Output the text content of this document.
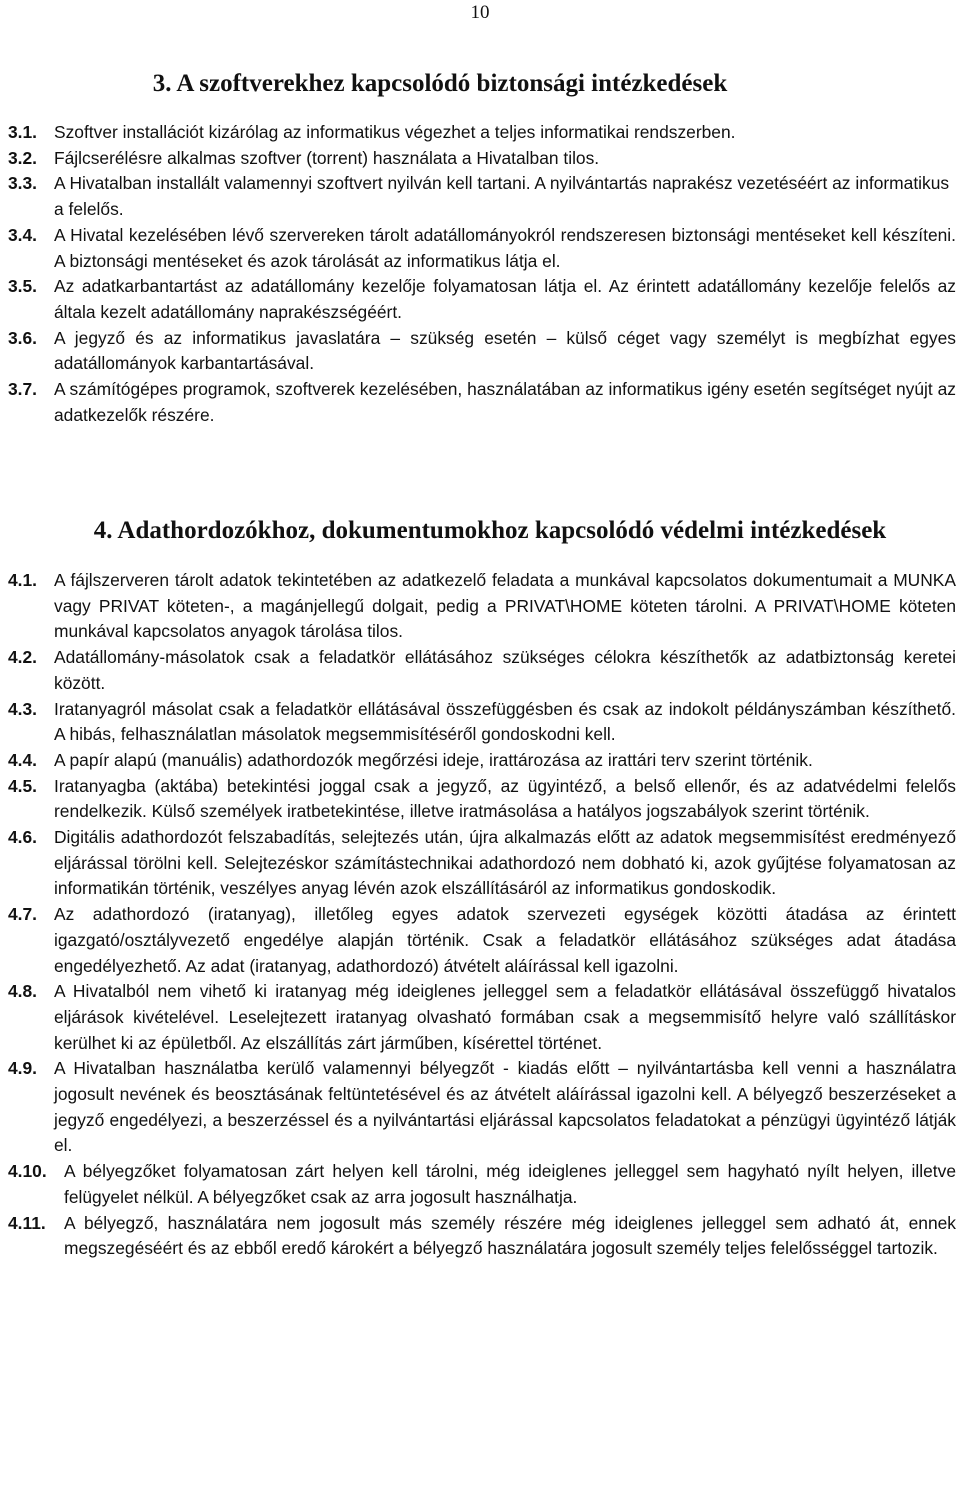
10
3. A szoftverekhez kapcsolódó biztonsági intézkedések
3.1. Szoftver installációt kizárólag az informatikus végezhet a teljes informatikai rendszerben.
3.2. Fájlcserélésre alkalmas szoftver (torrent) használata a Hivatalban tilos.
3.3. A Hivatalban installált valamennyi szoftvert nyilván kell tartani. A nyilvántartás naprakész vezetéséért az informatikus a felelős.
3.4. A Hivatal kezelésében lévő szervereken tárolt adatállományokról rendszeresen biztonsági mentéseket kell készíteni. A biztonsági mentéseket és azok tárolását az informatikus látja el.
3.5. Az adatkarbantartást az adatállomány kezelője folyamatosan látja el. Az érintett adatállomány kezelője felelős az általa kezelt adatállomány naprakészségéért.
3.6. A jegyző és az informatikus javaslatára – szükség esetén – külső céget vagy személyt is megbízhat egyes adatállományok karbantartásával.
3.7. A számítógépes programok, szoftverek kezelésében, használatában az informatikus igény esetén segítséget nyújt az adatkezelők részére.
4. Adathordozókhoz, dokumentumokhoz kapcsolódó védelmi intézkedések
4.1. A fájlszerveren tárolt adatok tekintetében az adatkezelő feladata a munkával kapcsolatos dokumentumait a MUNKA vagy PRIVAT köteten-, a magánjellegű dolgait, pedig a PRIVAT\HOME köteten tárolni. A PRIVAT\HOME köteten munkával kapcsolatos anyagok tárolása tilos.
4.2. Adatállomány-másolatok csak a feladatkör ellátásához szükséges célokra készíthetők az adatbiztonság keretei között.
4.3. Iratanyagról másolat csak a feladatkör ellátásával összefüggésben és csak az indokolt példányszámban készíthető. A hibás, felhasználatlan másolatok megsemmisítéséről gondoskodni kell.
4.4. A papír alapú (manuális) adathordozók megőrzési ideje, irattározása az irattári terv szerint történik.
4.5. Iratanyagba (aktába) betekintési joggal csak a jegyző, az ügyintéző, a belső ellenőr, és az adatvédelmi felelős rendelkezik. Külső személyek iratbetekintése, illetve iratmásolása a hatályos jogszabályok szerint történik.
4.6. Digitális adathordozót felszabadítás, selejtezés után, újra alkalmazás előtt az adatok megsemmisítést eredményező eljárással törölni kell. Selejtezéskor számítástechnikai adathordozó nem dobható ki, azok gyűjtése folyamatosan az informatikán történik, veszélyes anyag lévén azok elszállításáról az informatikus gondoskodik.
4.7. Az adathordozó (iratanyag), illetőleg egyes adatok szervezeti egységek közötti átadása az érintett igazgató/osztályvezető engedélye alapján történik. Csak a feladatkör ellátásához szükséges adat átadása engedélyezhető. Az adat (iratanyag, adathordozó) átvételt aláírással kell igazolni.
4.8. A Hivatalból nem vihető ki iratanyag még ideiglenes jelleggel sem a feladatkör ellátásával összefüggő hivatalos eljárások kivételével. Leselejtezett iratanyag olvasható formában csak a megsemmisítő helyre való szállításkor kerülhet ki az épületből. Az elszállítás zárt járműben, kísérettel történet.
4.9. A Hivatalban használatba kerülő valamennyi bélyegzőt - kiadás előtt – nyilvántartásba kell venni a használatra jogosult nevének és beosztásának feltüntetésével és az átvételt aláírással igazolni kell. A bélyegző beszerzéseket a jegyző engedélyezi, a beszerzéssel és a nyilvántartási eljárással kapcsolatos feladatokat a pénzügyi ügyintéző látják el.
4.10. A bélyegzőket folyamatosan zárt helyen kell tárolni, még ideiglenes jelleggel sem hagyható nyílt helyen, illetve felügyelet nélkül. A bélyegzőket csak az arra jogosult használhatja.
4.11. A bélyegző, használatára nem jogosult más személy részére még ideiglenes jelleggel sem adható át, ennek megszegéséért és az ebből eredő károkért a bélyegző használatára jogosult személy teljes felelősséggel tartozik.
